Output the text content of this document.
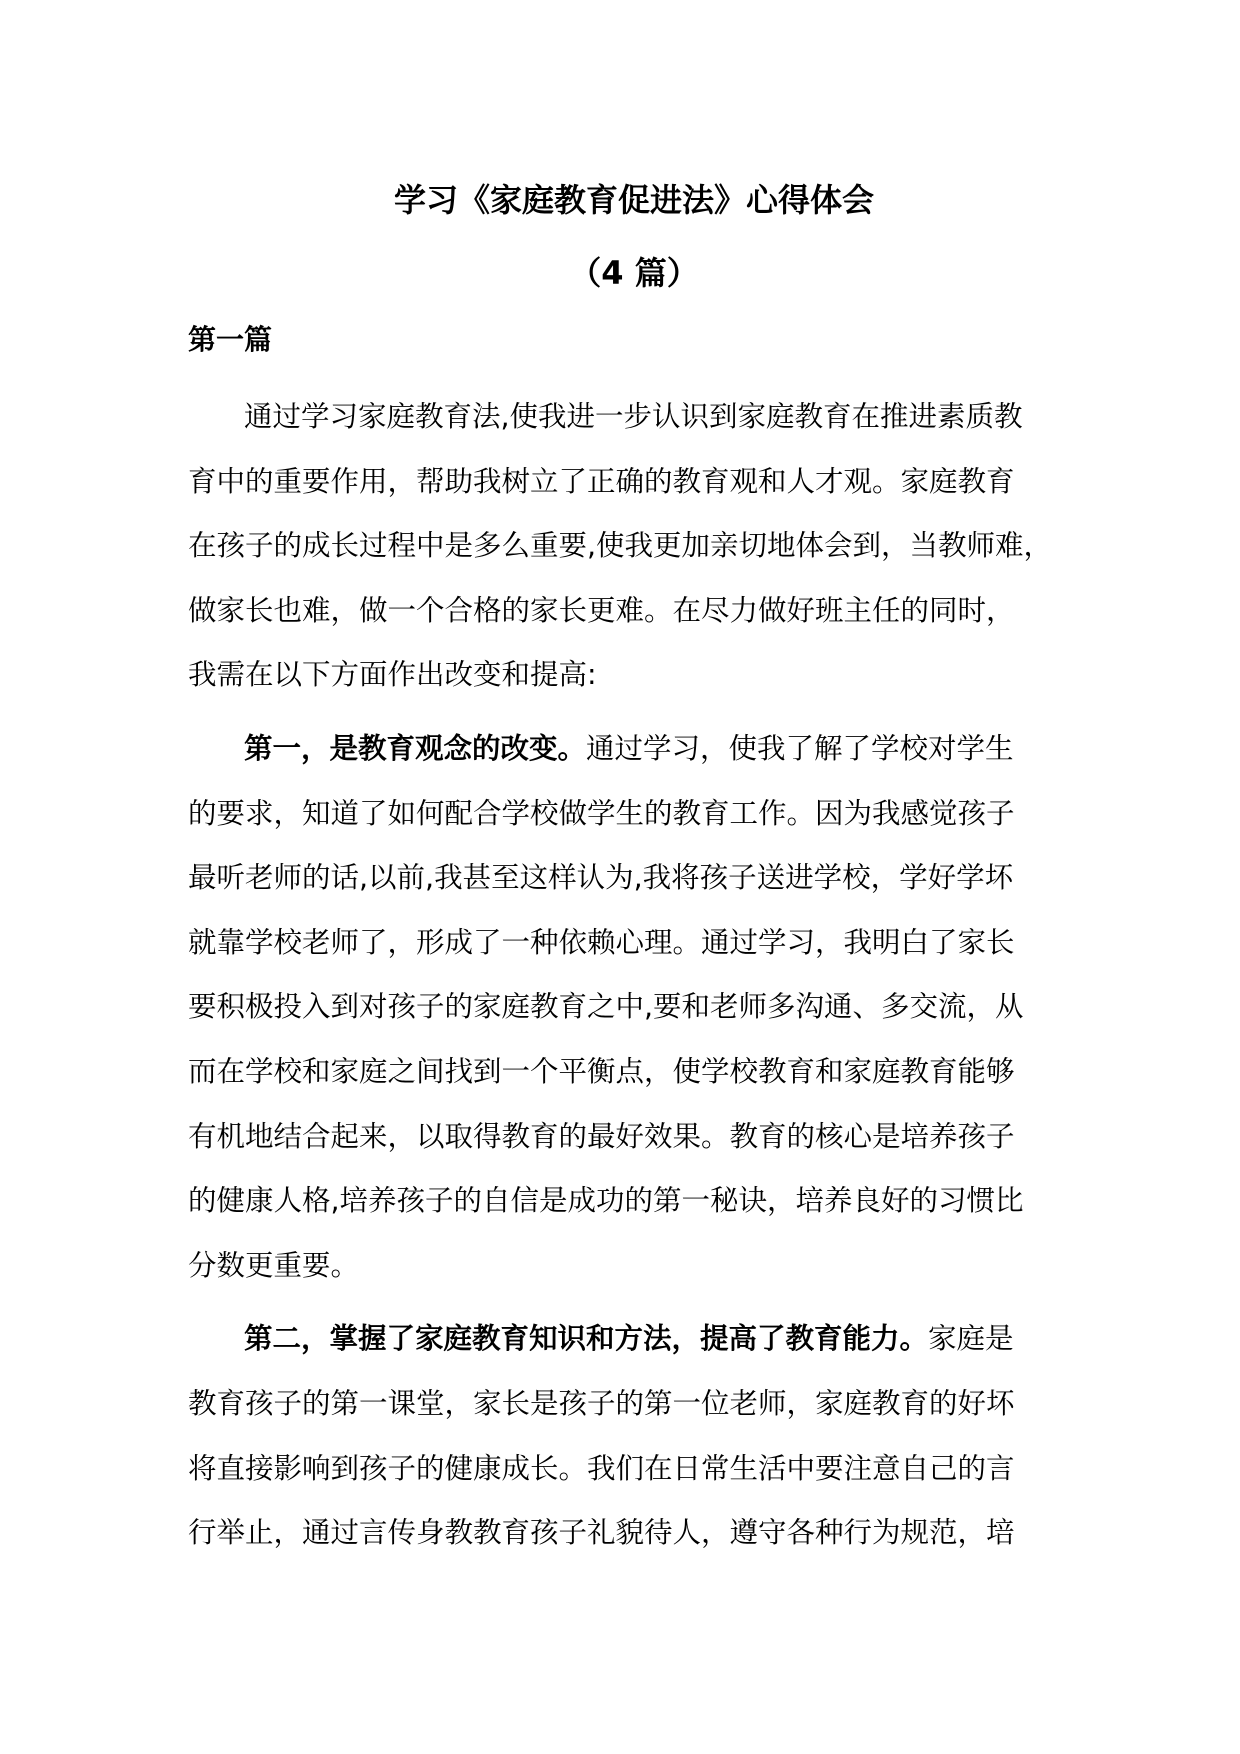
学习《家庭教育促进法》心得体会
（4 篇）
第一篇

通过学习家庭教育法,使我进一步认识到家庭教育在推进素质教
育中的重要作用，帮助我树立了正确的教育观和人才观。家庭教育
在孩子的成长过程中是多么重要,使我更加亲切地体会到，当教师难，
做家长也难，做一个合格的家长更难。在尽力做好班主任的同时，
我需在以下方面作出改变和提高:

第一，是教育观念的改变。通过学习，使我了解了学校对学生
的要求，知道了如何配合学校做学生的教育工作。因为我感觉孩子
最听老师的话,以前,我甚至这样认为,我将孩子送进学校，学好学坏
就靠学校老师了，形成了一种依赖心理。通过学习，我明白了家长
要积极投入到对孩子的家庭教育之中,要和老师多沟通、多交流，从
而在学校和家庭之间找到一个平衡点，使学校教育和家庭教育能够
有机地结合起来，以取得教育的最好效果。教育的核心是培养孩子
的健康人格,培养孩子的自信是成功的第一秘诀，培养良好的习惯比
分数更重要。

第二，掌握了家庭教育知识和方法，提高了教育能力。家庭是
教育孩子的第一课堂，家长是孩子的第一位老师，家庭教育的好坏
将直接影响到孩子的健康成长。我们在日常生活中要注意自己的言
行举止，通过言传身教教育孩子礼貌待人，遵守各种行为规范，培
